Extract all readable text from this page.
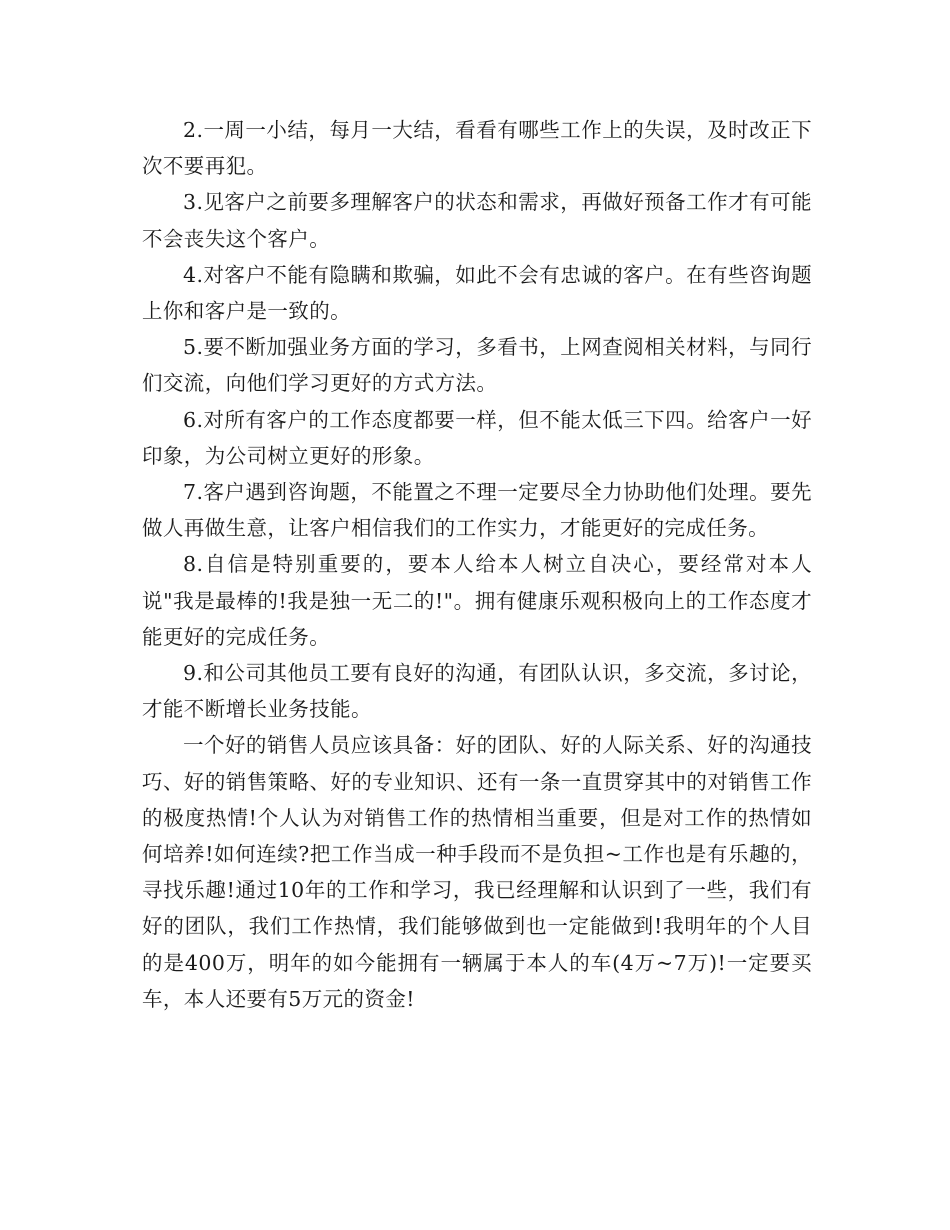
2.一周一小结，每月一大结，看看有哪些工作上的失误，及时改正下次不要再犯。

3.见客户之前要多理解客户的状态和需求，再做好预备工作才有可能不会丧失这个客户。

4.对客户不能有隐瞒和欺骗，如此不会有忠诚的客户。在有些咨询题上你和客户是一致的。

5.要不断加强业务方面的学习，多看书，上网查阅相关材料，与同行们交流，向他们学习更好的方式方法。

6.对所有客户的工作态度都要一样，但不能太低三下四。给客户一好印象，为公司树立更好的形象。

7.客户遇到咨询题，不能置之不理一定要尽全力协助他们处理。要先做人再做生意，让客户相信我们的工作实力，才能更好的完成任务。

8.自信是特别重要的，要本人给本人树立自决心，要经常对本人说"我是最棒的!我是独一无二的!"。拥有健康乐观积极向上的工作态度才能更好的完成任务。

9.和公司其他员工要有良好的沟通，有团队认识，多交流，多讨论，才能不断增长业务技能。

一个好的销售人员应该具备：好的团队、好的人际关系、好的沟通技巧、好的销售策略、好的专业知识、还有一条一直贯穿其中的对销售工作的极度热情!个人认为对销售工作的热情相当重要，但是对工作的热情如何培养!如何连续?把工作当成一种手段而不是负担~工作也是有乐趣的，寻找乐趣!通过10年的工作和学习，我已经理解和认识到了一些，我们有好的团队，我们工作热情，我们能够做到也一定能做到!我明年的个人目的是400万，明年的如今能拥有一辆属于本人的车(4万~7万)!一定要买车，本人还要有5万元的资金!
